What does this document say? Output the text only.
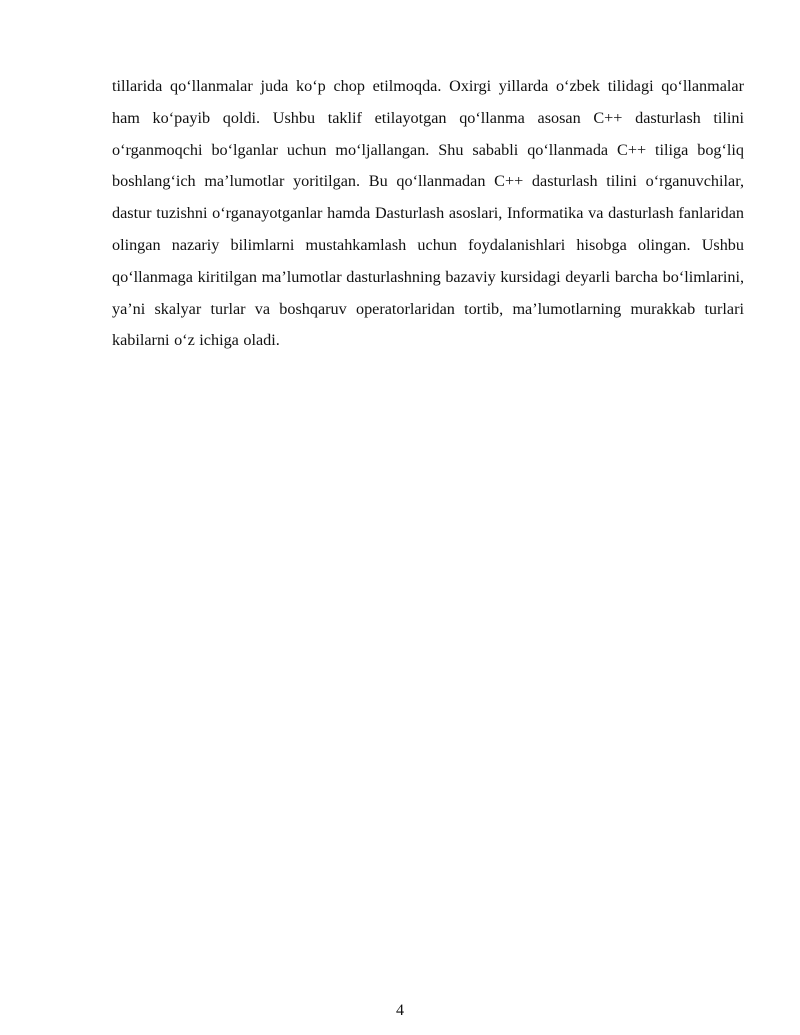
tillarida qo‘llanmalar juda ko‘p chop etilmoqda. Oxirgi yillarda o‘zbek tilidagi qo‘llanmalar ham ko‘payib qoldi. Ushbu taklif etilayotgan qo‘llanma asosan C++ dasturlash tilini o‘rganmoqchi bo‘lganlar uchun mo‘ljallangan. Shu sababli qo‘llanmada C++ tiliga bog‘liq boshlang‘ich ma’lumotlar yoritilgan. Bu qo‘llanmadan C++ dasturlash tilini o‘rganuvchilar, dastur tuzishni o‘rganayotganlar hamda Dasturlash asoslari, Informatika va dasturlash fanlaridan olingan nazariy bilimlarni mustahkamlash uchun foydalanishlari hisobga olingan. Ushbu qo‘llanmaga kiritilgan ma’lumotlar dasturlashning bazaviy kursidagi deyarli barcha bo‘limlarini, ya’ni skalyar turlar va boshqaruv operatorlaridan tortib, ma’lumotlarning murakkab turlari kabilarni o‘z ichiga oladi.

4
